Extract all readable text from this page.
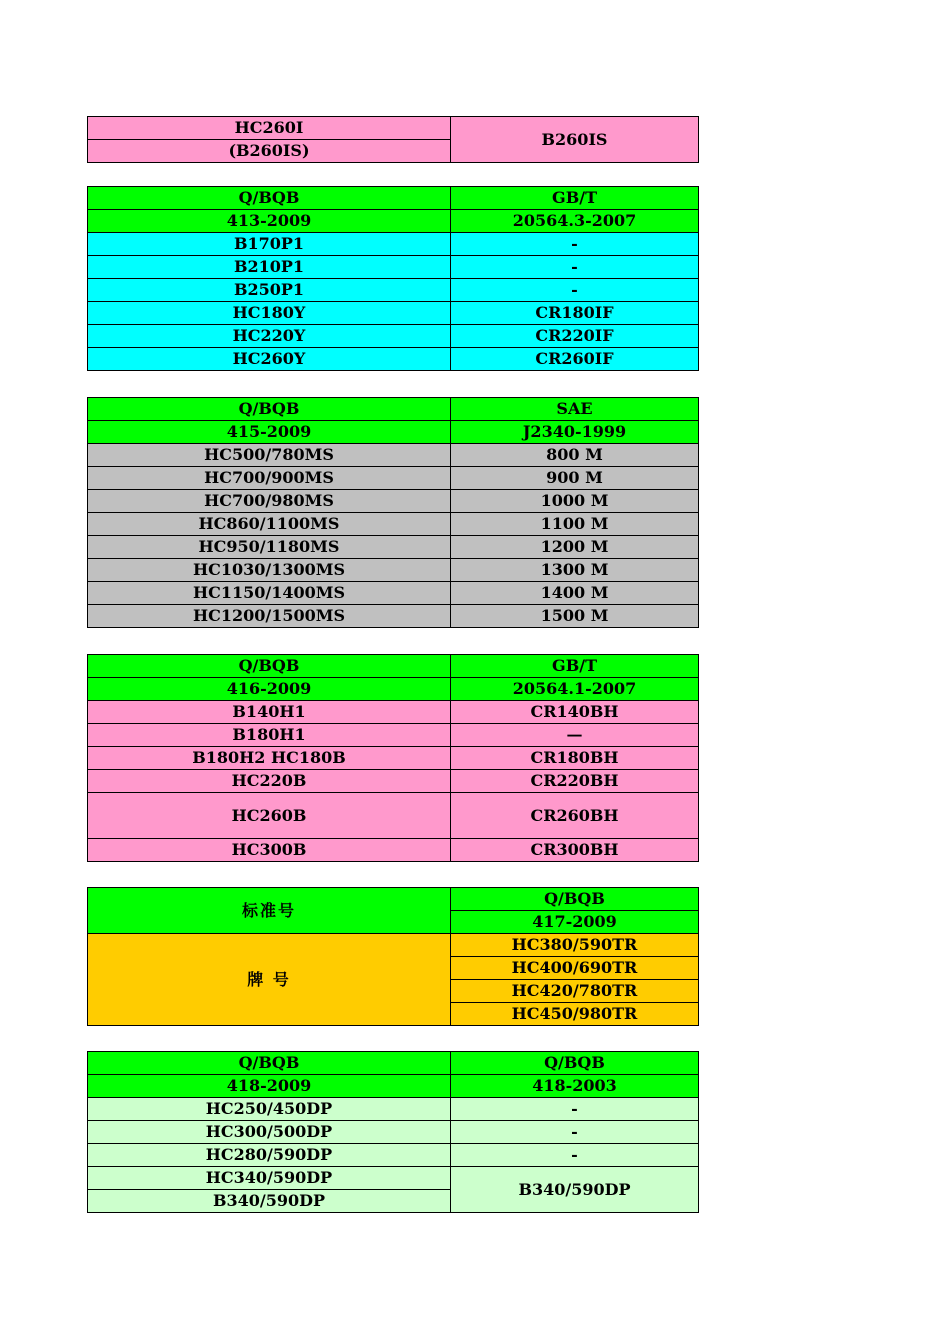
HC260I	B260IS
(B260IS)
Q/BQB	GB/T
413-2009	20564.3-2007
B170P1	-
B210P1	-
B250P1	-
HC180Y	CR180IF
HC220Y	CR220IF
HC260Y	CR260IF
Q/BQB	SAE
415-2009	J2340-1999
HC500/780MS	800 M
HC700/900MS	900 M
HC700/980MS	1000 M
HC860/1100MS	1100 M
HC950/1180MS	1200 M
HC1030/1300MS	1300 M
HC1150/1400MS	1400 M
HC1200/1500MS	1500 M
Q/BQB	GB/T
416-2009	20564.1-2007
B140H1	CR140BH
B180H1	—
B180H2 HC180B	CR180BH
HC220B	CR220BH
HC260B	CR260BH
HC300B	CR300BH
标准号	Q/BQB
	417-2009
牌 号	HC380/590TR
	HC400/690TR
	HC420/780TR
	HC450/980TR
Q/BQB	Q/BQB
418-2009	418-2003
HC250/450DP	-
HC300/500DP	-
HC280/590DP	-
HC340/590DP	B340/590DP
B340/590DP	
